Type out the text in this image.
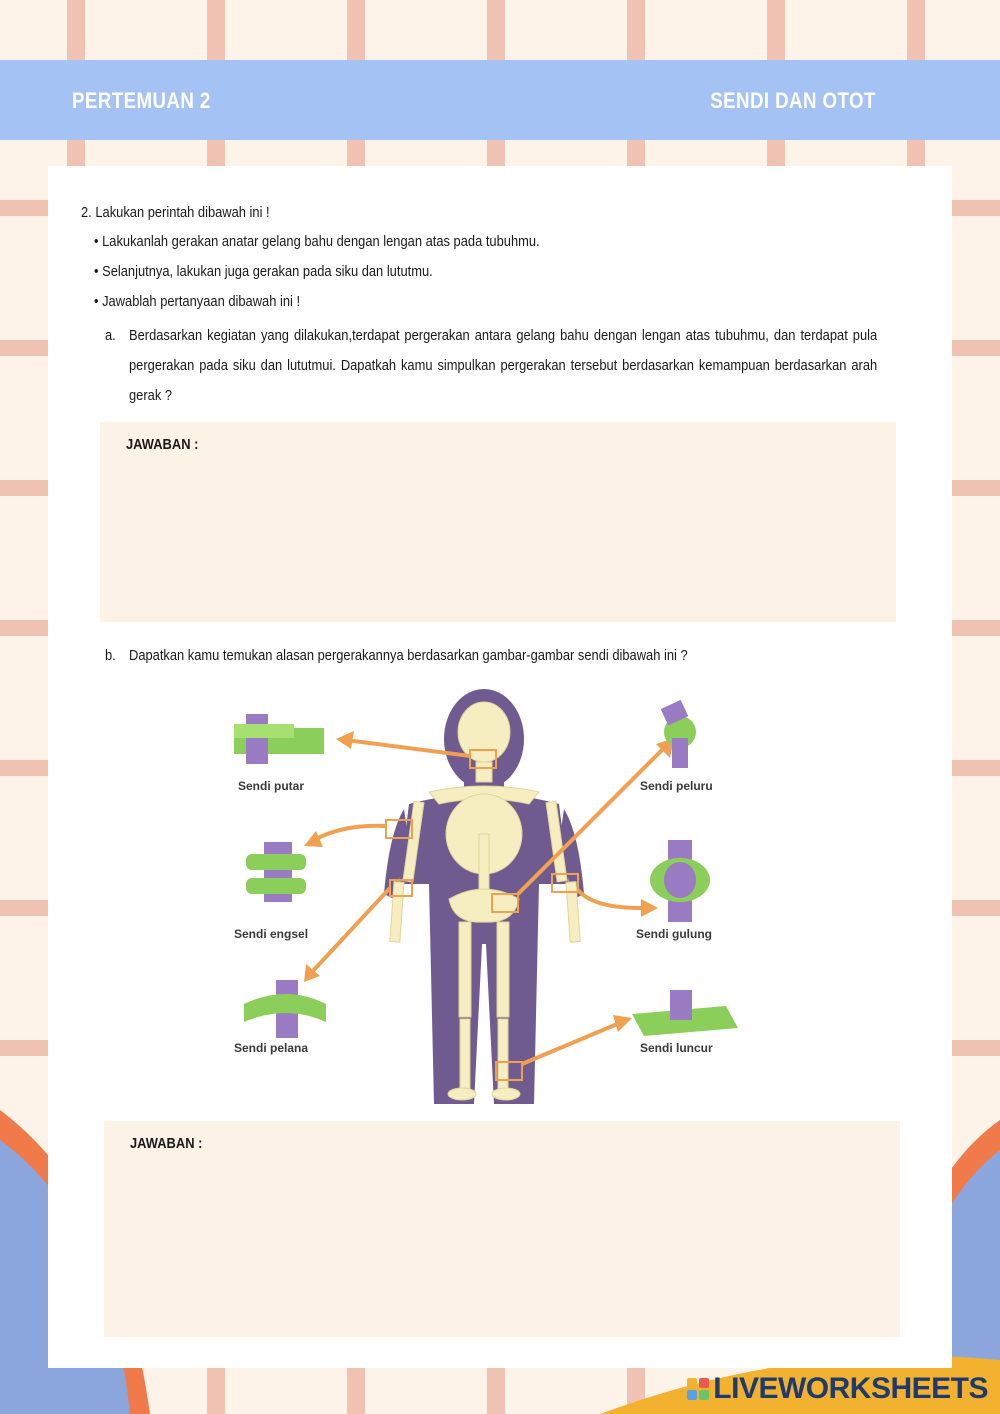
PERTEMUAN 2	SENDI DAN OTOT
2. Lakukan perintah dibawah ini !
• Lakukanlah gerakan anatar gelang bahu dengan lengan atas pada tubuhmu.
• Selanjutnya, lakukan juga gerakan pada siku dan lututmu.
• Jawablah pertanyaan dibawah ini !
a. Berdasarkan kegiatan yang dilakukan,terdapat pergerakan antara gelang bahu dengan lengan atas tubuhmu, dan terdapat pula pergerakan pada siku dan lututmui. Dapatkah kamu simpulkan pergerakan tersebut berdasarkan kemampuan berdasarkan arah gerak ?
JAWABAN :
b. Dapatkan kamu temukan alasan pergerakannya berdasarkan gambar-gambar sendi dibawah ini ?
Sendi putar	Sendi peluru
Sendi engsel	Sendi gulung
Sendi pelana	Sendi luncur
JAWABAN :
LIVEWORKSHEETS
